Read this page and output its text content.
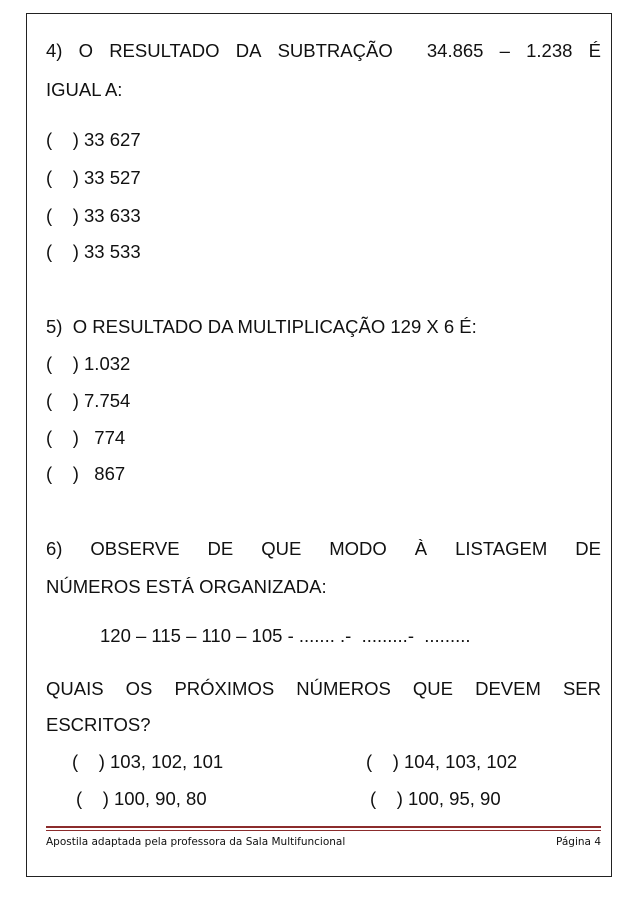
4) O RESULTADO DA SUBTRAÇÃO 34.865 – 1.238 É
IGUAL A:
(    ) 33 627
(    ) 33 527
(    ) 33 633
(    ) 33 533
5)  O RESULTADO DA MULTIPLICAÇÃO 129 X 6 É:
(    ) 1.032
(    ) 7.754
(    )   774
(    )   867
6) OBSERVE DE QUE MODO À LISTAGEM DE
NÚMEROS ESTÁ ORGANIZADA:
120 – 115 – 110 – 105 - ....... .-  .........-  .........
QUAIS OS PRÓXIMOS NÚMEROS QUE DEVEM SER
ESCRITOS?
(    ) 103, 102, 101	(    ) 104, 103, 102
(    ) 100, 90, 80	(    ) 100, 95, 90
Apostila adaptada pela professora da Sala Multifuncional	Página 4
